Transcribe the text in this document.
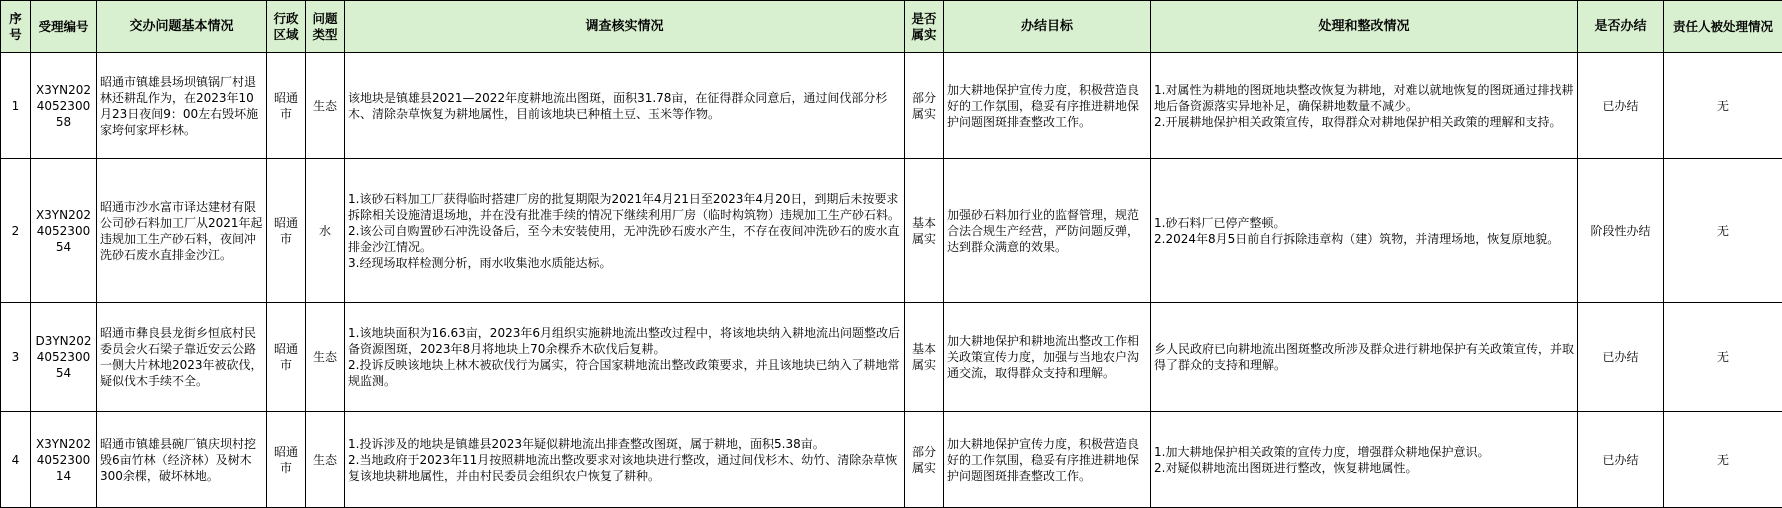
序号	受理编号	交办问题基本情况	行政区域	问题类型	调查核实情况	是否属实	办结目标	处理和整改情况	是否办结	责任人被处理情况
1	X3YN202405230058	昭通市镇雄县场坝镇锅厂村退林还耕乱作为，在2023年10月23日夜间9：00左右毁坏施家垮何家坪杉林。	昭通市	生态	该地块是镇雄县2021—2022年度耕地流出图斑，面积31.78亩，在征得群众同意后，通过间伐部分杉木、清除杂草恢复为耕地属性，目前该地块已种植土豆、玉米等作物。	部分属实	加大耕地保护宣传力度，积极营造良好的工作氛围，稳妥有序推进耕地保护问题图斑排查整改工作。	1.对属性为耕地的图斑地块整改恢复为耕地，对难以就地恢复的图斑通过排找耕地后备资源落实异地补足，确保耕地数量不减少。
2.开展耕地保护相关政策宣传，取得群众对耕地保护相关政策的理解和支持。	已办结	无
2	X3YN202405230054	昭通市沙水富市译达建材有限公司砂石料加工厂从2021年起违规加工生产砂石料，夜间冲洗砂石废水直排金沙江。	昭通市	水	1.该砂石料加工厂获得临时搭建厂房的批复期限为2021年4月21日至2023年4月20日，到期后未按要求拆除相关设施清退场地，并在没有批准手续的情况下继续利用厂房（临时构筑物）违规加工生产砂石料。
2.该公司自购置砂石冲洗设备后，至今未安装使用，无冲洗砂石废水产生，不存在夜间冲洗砂石的废水直排金沙江情况。
3.经现场取样检测分析，雨水收集池水质能达标。	基本属实	加强砂石料加行业的监督管理，规范合法合规生产经营，严防问题反弹，达到群众满意的效果。	1.砂石料厂已停产整顿。
2.2024年8月5日前自行拆除违章构（建）筑物，并清理场地，恢复原地貌。	阶段性办结	无
3	D3YN202405230054	昭通市彝良县龙街乡恒底村民委员会火石梁子靠近安云公路一侧大片林地2023年被砍伐，疑似伐木手续不全。	昭通市	生态	1.该地块面积为16.63亩，2023年6月组织实施耕地流出整改过程中，将该地块纳入耕地流出问题整改后备资源图斑，2023年8月将地块上70余棵乔木砍伐后复耕。
2.投诉反映该地块上林木被砍伐行为属实，符合国家耕地流出整改政策要求，并且该地块已纳入了耕地常规监测。	基本属实	加大耕地保护和耕地流出整改工作相关政策宣传力度，加强与当地农户沟通交流，取得群众支持和理解。	乡人民政府已向耕地流出图斑整改所涉及群众进行耕地保护有关政策宣传，并取得了群众的支持和理解。	已办结	无
4	X3YN202405230014	昭通市镇雄县碗厂镇庆坝村挖毁6亩竹林（经济林）及树木300余棵，破坏林地。	昭通市	生态	1.投诉涉及的地块是镇雄县2023年疑似耕地流出排查整改图斑，属于耕地，面积5.38亩。
2.当地政府于2023年11月按照耕地流出整改要求对该地块进行整改，通过间伐杉木、幼竹、清除杂草恢复该地块耕地属性，并由村民委员会组织农户恢复了耕种。	部分属实	加大耕地保护宣传力度，积极营造良好的工作氛围，稳妥有序推进耕地保护问题图斑排查整改工作。	1.加大耕地保护相关政策的宣传力度，增强群众耕地保护意识。
2.对疑似耕地流出图斑进行整改，恢复耕地属性。	已办结	无
